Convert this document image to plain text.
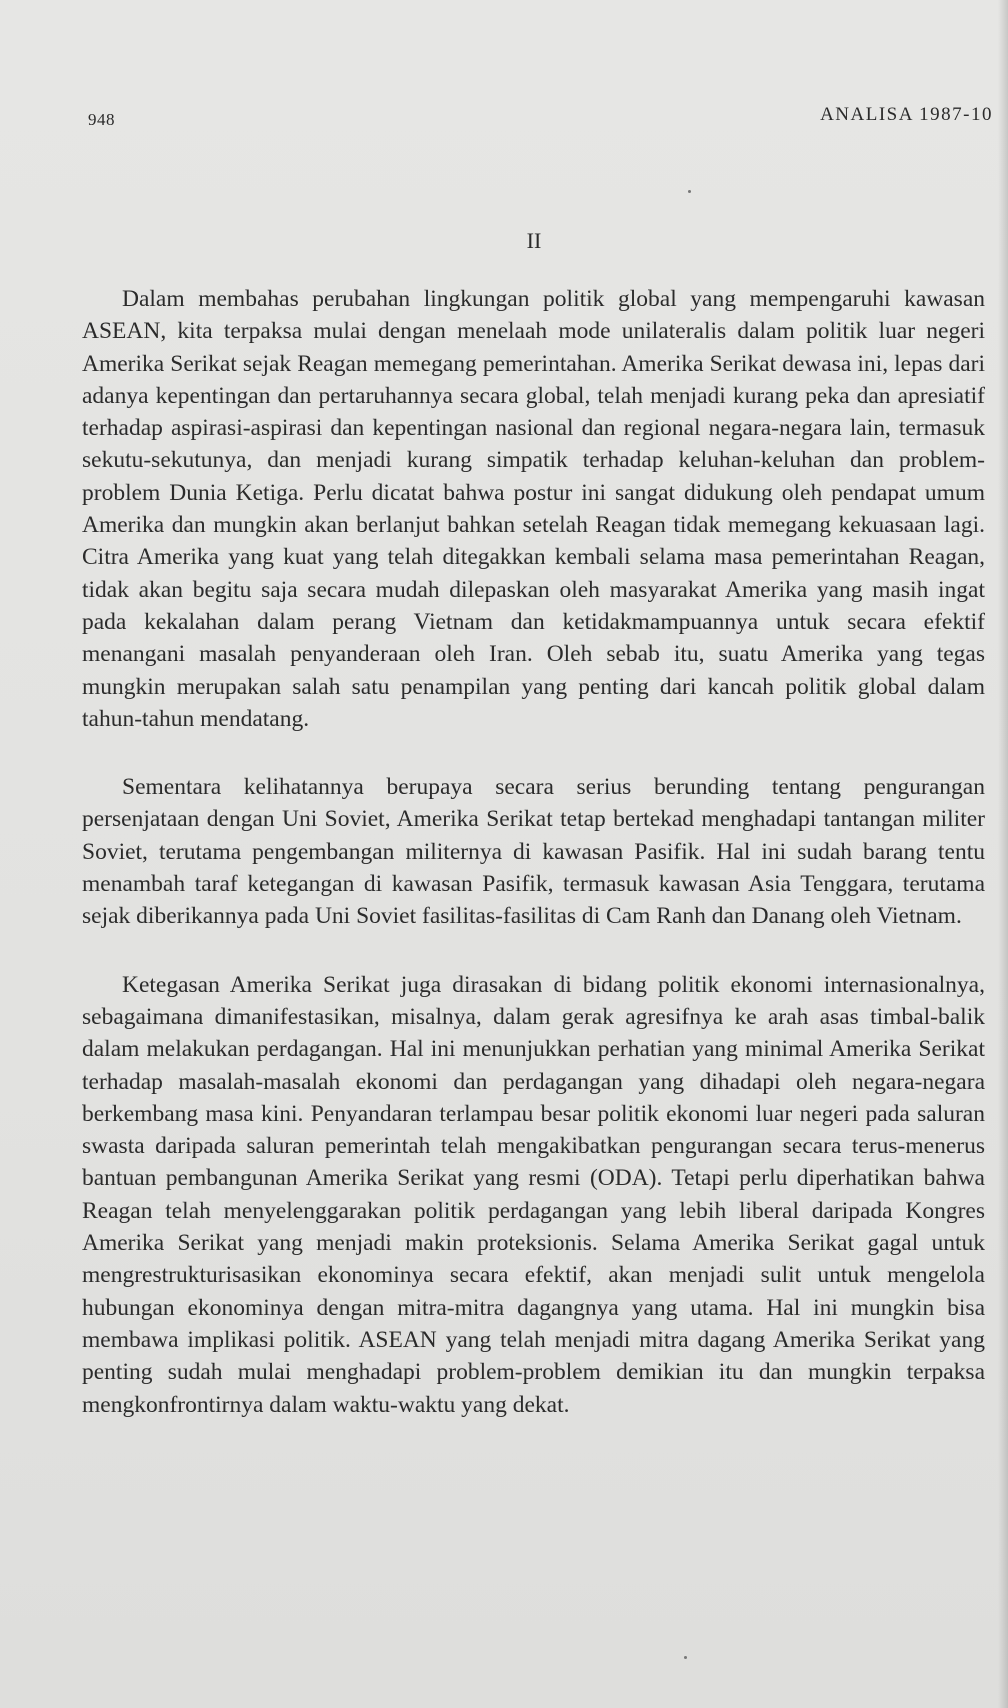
948	ANALISA 1987-10
II

Dalam membahas perubahan lingkungan politik global yang mempengaruhi kawasan ASEAN, kita terpaksa mulai dengan menelaah mode unilateralis dalam politik luar negeri Amerika Serikat sejak Reagan memegang pemerintahan. Amerika Serikat dewasa ini, lepas dari adanya kepentingan dan pertaruhannya secara global, telah menjadi kurang peka dan apresiatif terhadap aspirasi-aspirasi dan kepentingan nasional dan regional negara-negara lain, termasuk sekutu-sekutunya, dan menjadi kurang simpatik terhadap keluhan-keluhan dan problem-problem Dunia Ketiga. Perlu dicatat bahwa postur ini sangat didukung oleh pendapat umum Amerika dan mungkin akan berlanjut bahkan setelah Reagan tidak memegang kekuasaan lagi. Citra Amerika yang kuat yang telah ditegakkan kembali selama masa pemerintahan Reagan, tidak akan begitu saja secara mudah dilepaskan oleh masyarakat Amerika yang masih ingat pada kekalahan dalam perang Vietnam dan ketidakmampuannya untuk secara efektif menangani masalah penyanderaan oleh Iran. Oleh sebab itu, suatu Amerika yang tegas mungkin merupakan salah satu penampilan yang penting dari kancah politik global dalam tahun-tahun mendatang.

Sementara kelihatannya berupaya secara serius berunding tentang pengurangan persenjataan dengan Uni Soviet, Amerika Serikat tetap bertekad menghadapi tantangan militer Soviet, terutama pengembangan militernya di kawasan Pasifik. Hal ini sudah barang tentu menambah taraf ketegangan di kawasan Pasifik, termasuk kawasan Asia Tenggara, terutama sejak diberikannya pada Uni Soviet fasilitas-fasilitas di Cam Ranh dan Danang oleh Vietnam.

Ketegasan Amerika Serikat juga dirasakan di bidang politik ekonomi internasionalnya, sebagaimana dimanifestasikan, misalnya, dalam gerak agresifnya ke arah asas timbal-balik dalam melakukan perdagangan. Hal ini menunjukkan perhatian yang minimal Amerika Serikat terhadap masalah-masalah ekonomi dan perdagangan yang dihadapi oleh negara-negara berkembang masa kini. Penyandaran terlampau besar politik ekonomi luar negeri pada saluran swasta daripada saluran pemerintah telah mengakibatkan pengurangan secara terus-menerus bantuan pembangunan Amerika Serikat yang resmi (ODA). Tetapi perlu diperhatikan bahwa Reagan telah menyelenggarakan politik perdagangan yang lebih liberal daripada Kongres Amerika Serikat yang menjadi makin proteksionis. Selama Amerika Serikat gagal untuk mengrestrukturisasikan ekonominya secara efektif, akan menjadi sulit untuk mengelola hubungan ekonominya dengan mitra-mitra dagangnya yang utama. Hal ini mungkin bisa membawa implikasi politik. ASEAN yang telah menjadi mitra dagang Amerika Serikat yang penting sudah mulai menghadapi problem-problem demikian itu dan mungkin terpaksa mengkonfrontirnya dalam waktu-waktu yang dekat.
